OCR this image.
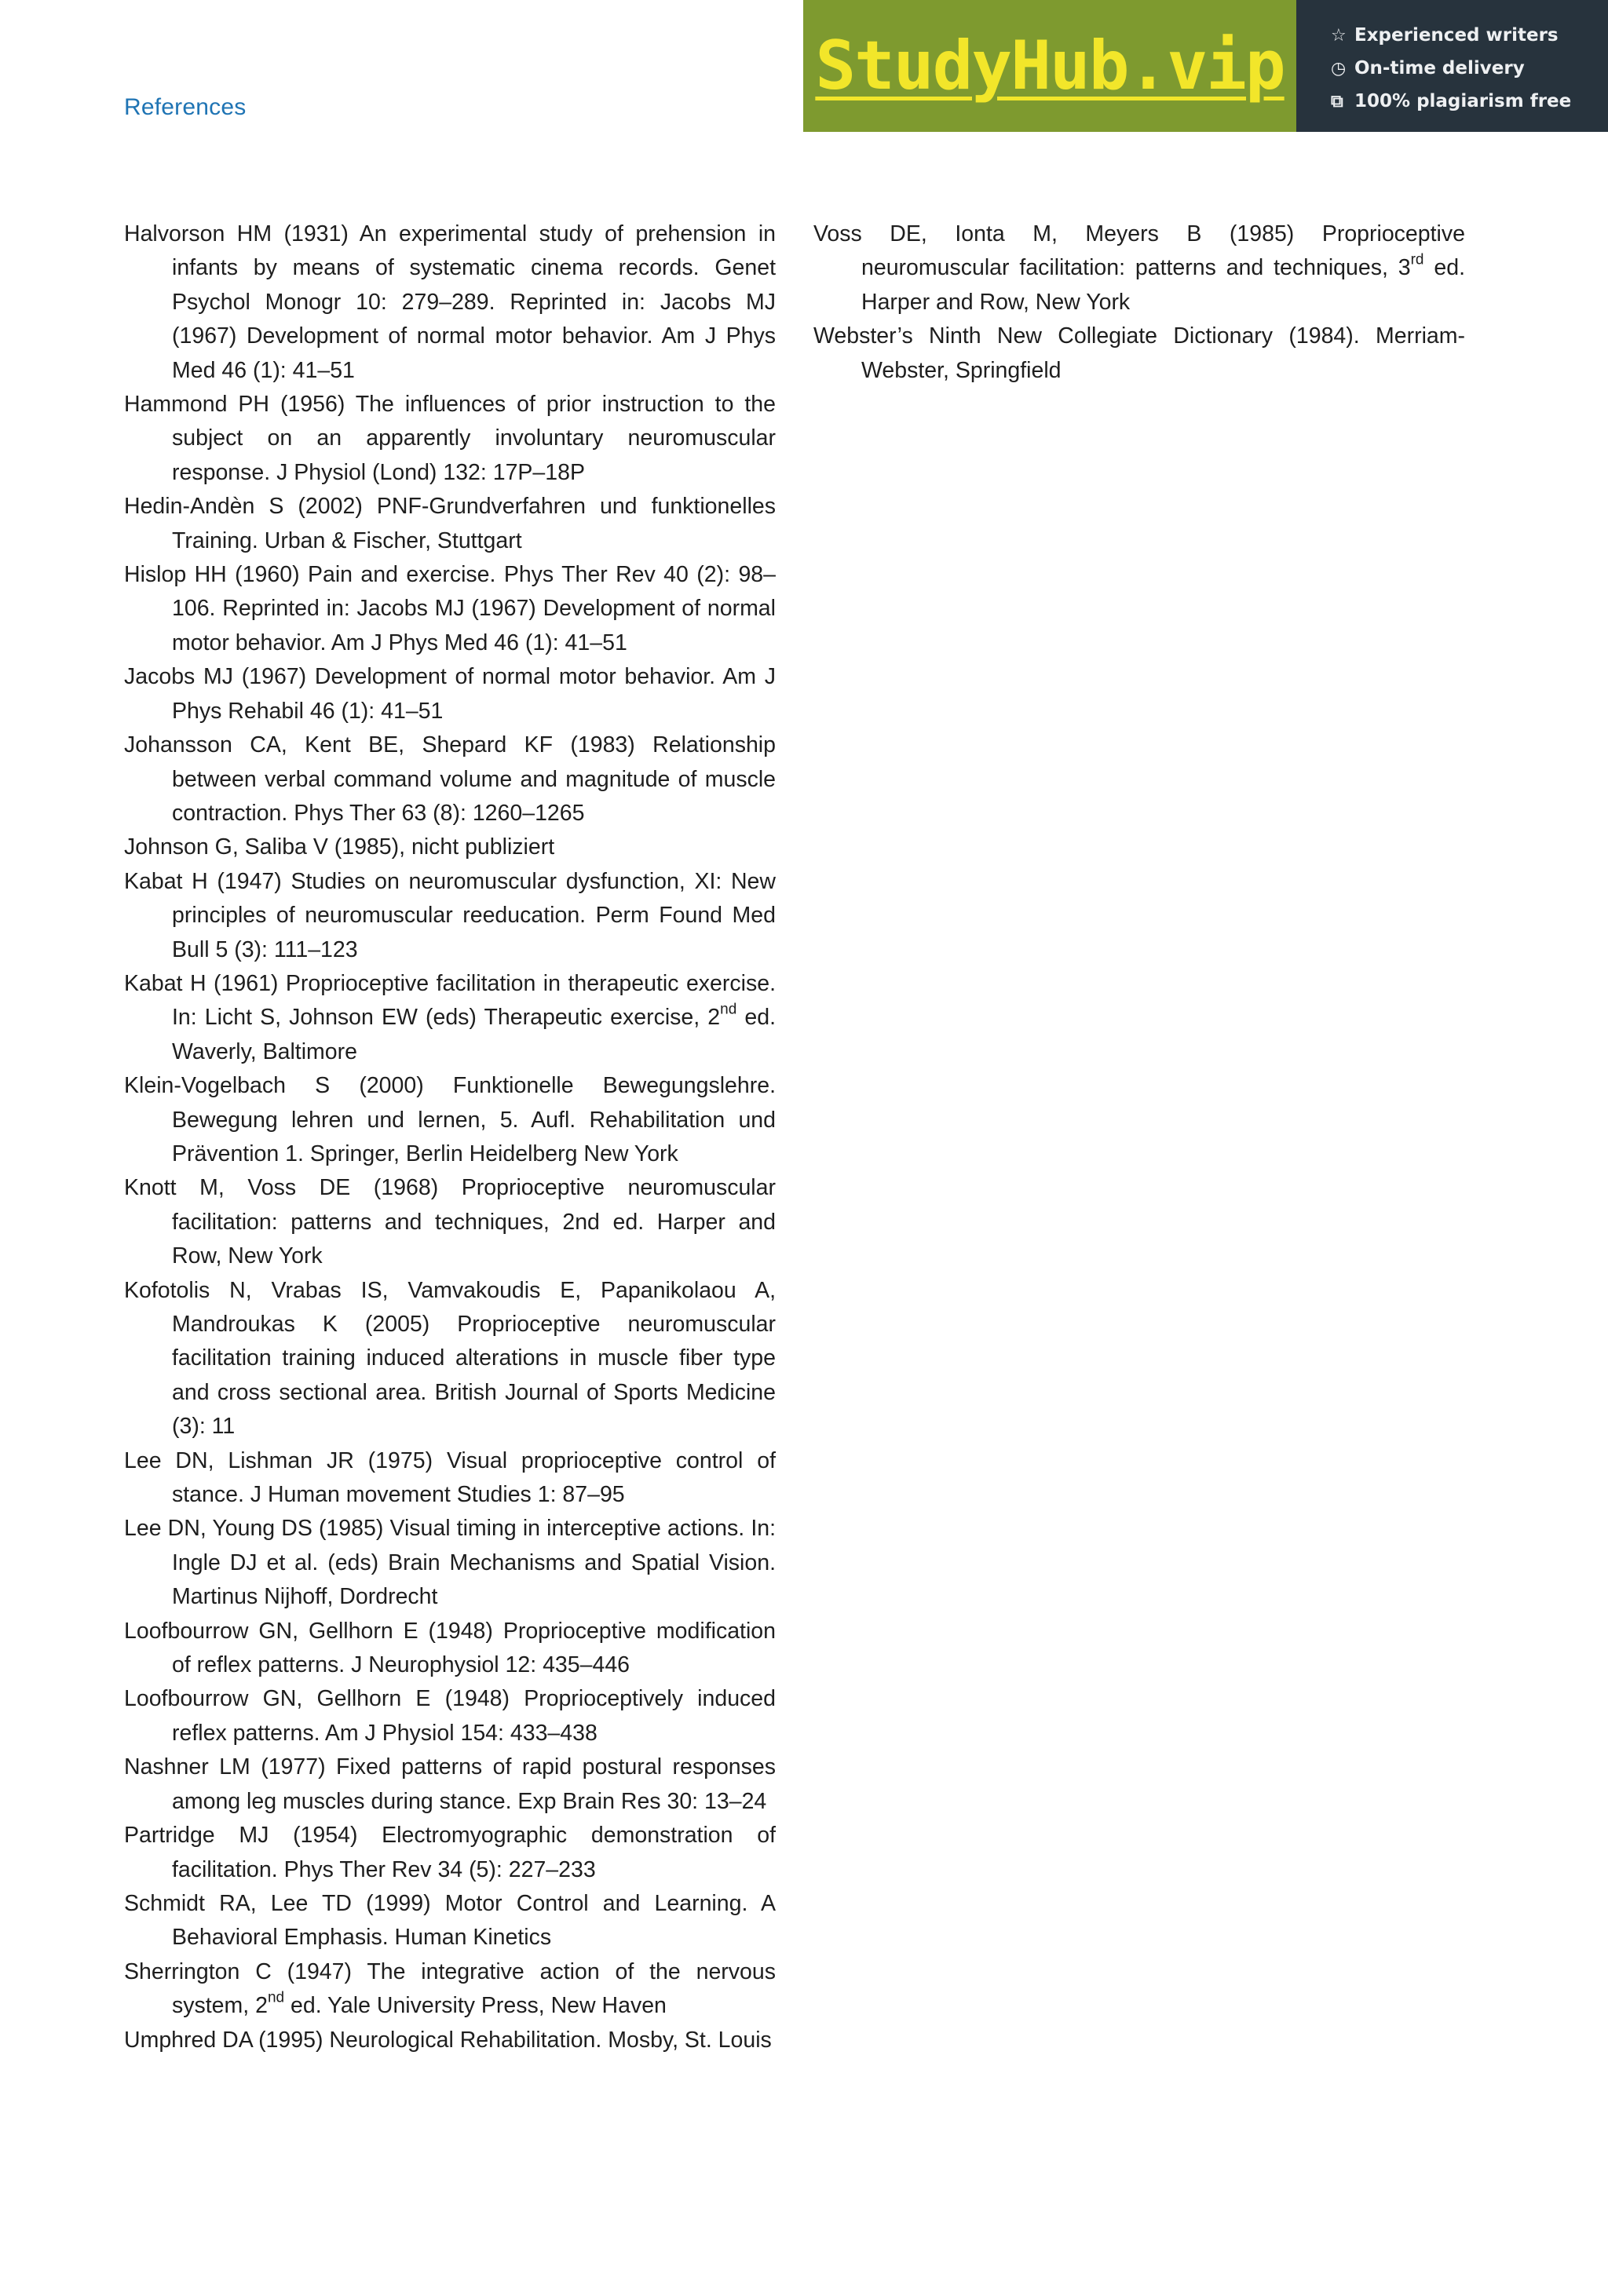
References
StudyHub.vip	☆ Experienced writers
◷ On-time delivery
⧉ 100% plagiarism free

Halvorson HM (1931) An experimental study of prehension in infants by means of systematic cinema records. Genet Psychol Monogr 10: 279–289. Reprinted in: Jacobs MJ (1967) Development of normal motor behavior. Am J Phys Med 46 (1): 41–51

Hammond PH (1956) The influences of prior instruction to the subject on an apparently involuntary neuromuscular response. J Physiol (Lond) 132: 17P–18P

Hedin-Andèn S (2002) PNF-Grundverfahren und funktionelles Training. Urban & Fischer, Stuttgart

Hislop HH (1960) Pain and exercise. Phys Ther Rev 40 (2): 98–106. Reprinted in: Jacobs MJ (1967) Development of normal motor behavior. Am J Phys Med 46 (1): 41–51

Jacobs MJ (1967) Development of normal motor behavior. Am J Phys Rehabil 46 (1): 41–51

Johansson CA, Kent BE, Shepard KF (1983) Relationship between verbal command volume and magnitude of muscle contraction. Phys Ther 63 (8): 1260–1265

Johnson G, Saliba V (1985), nicht publiziert

Kabat H (1947) Studies on neuromuscular dysfunction, XI: New principles of neuromuscular reeducation. Perm Found Med Bull 5 (3): 111–123

Kabat H (1961) Proprioceptive facilitation in therapeutic exercise. In: Licht S, Johnson EW (eds) Therapeutic exercise, 2nd ed. Waverly, Baltimore

Klein-Vogelbach S (2000) Funktionelle Bewegungslehre. Bewegung lehren und lernen, 5. Aufl. Rehabilitation und Prävention 1. Springer, Berlin Heidelberg New York

Knott M, Voss DE (1968) Proprioceptive neuromuscular facilitation: patterns and techniques, 2nd ed. Harper and Row, New York

Kofotolis N, Vrabas IS, Vamvakoudis E, Papanikolaou A, Mandroukas K (2005) Proprioceptive neuromuscular facilitation training induced alterations in muscle fiber type and cross sectional area. British Journal of Sports Medicine (3): 11

Lee DN, Lishman JR (1975) Visual proprioceptive control of stance. J Human movement Studies 1: 87–95

Lee DN, Young DS (1985) Visual timing in interceptive actions. In: Ingle DJ et al. (eds) Brain Mechanisms and Spatial Vision. Martinus Nijhoff, Dordrecht

Loofbourrow GN, Gellhorn E (1948) Proprioceptive modification of reflex patterns. J Neurophysiol 12: 435–446

Loofbourrow GN, Gellhorn E (1948) Proprioceptively induced reflex patterns. Am J Physiol 154: 433–438

Nashner LM (1977) Fixed patterns of rapid postural responses among leg muscles during stance. Exp Brain Res 30: 13–24

Partridge MJ (1954) Electromyographic demonstration of facilitation. Phys Ther Rev 34 (5): 227–233

Schmidt RA, Lee TD (1999) Motor Control and Learning. A Behavioral Emphasis. Human Kinetics

Sherrington C (1947) The integrative action of the nervous system, 2nd ed. Yale University Press, New Haven

Umphred DA (1995) Neurological Rehabilitation. Mosby, St. Louis

Voss DE, Ionta M, Meyers B (1985) Proprioceptive neuromuscular facilitation: patterns and techniques, 3rd ed. Harper and Row, New York

Webster’s Ninth New Collegiate Dictionary (1984). Merriam-Webster, Springfield
